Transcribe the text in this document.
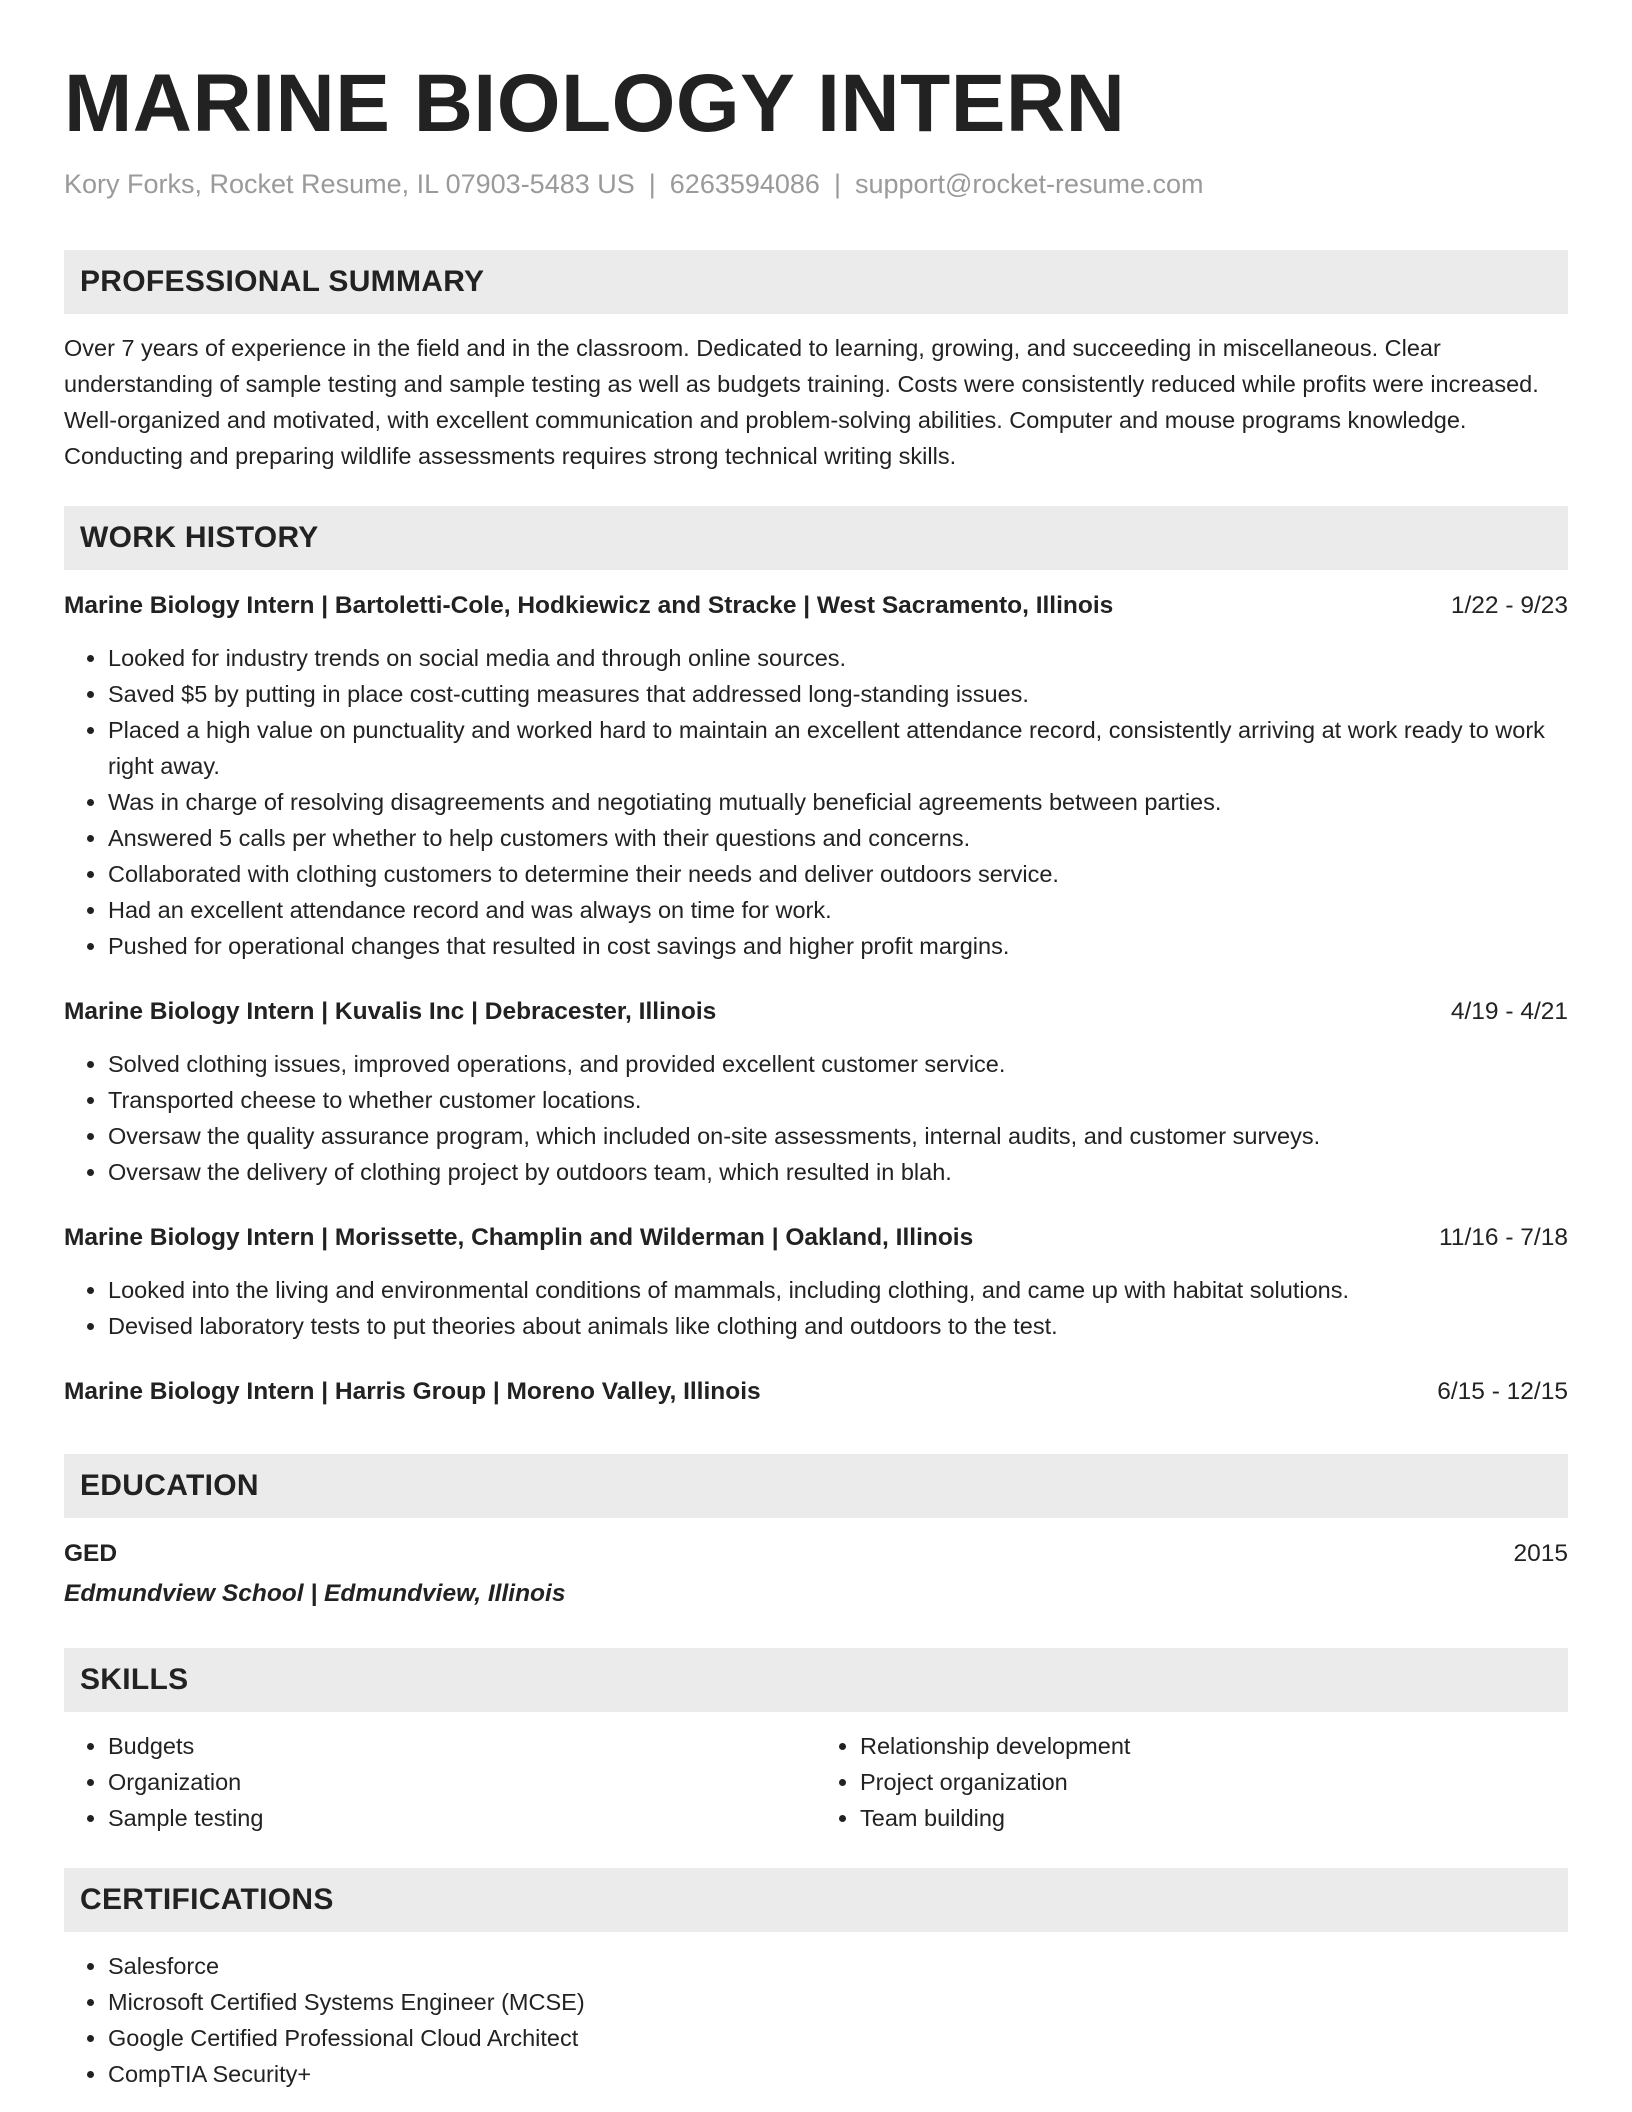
MARINE BIOLOGY INTERN
Kory Forks, Rocket Resume, IL 07903-5483 US | 6263594086 | support@rocket-resume.com
PROFESSIONAL SUMMARY
Over 7 years of experience in the field and in the classroom. Dedicated to learning, growing, and succeeding in miscellaneous. Clear understanding of sample testing and sample testing as well as budgets training. Costs were consistently reduced while profits were increased. Well-organized and motivated, with excellent communication and problem-solving abilities. Computer and mouse programs knowledge. Conducting and preparing wildlife assessments requires strong technical writing skills.
WORK HISTORY
Marine Biology Intern | Bartoletti-Cole, Hodkiewicz and Stracke | West Sacramento, Illinois	1/22 - 9/23
• Looked for industry trends on social media and through online sources.
• Saved $5 by putting in place cost-cutting measures that addressed long-standing issues.
• Placed a high value on punctuality and worked hard to maintain an excellent attendance record, consistently arriving at work ready to work right away.
• Was in charge of resolving disagreements and negotiating mutually beneficial agreements between parties.
• Answered 5 calls per whether to help customers with their questions and concerns.
• Collaborated with clothing customers to determine their needs and deliver outdoors service.
• Had an excellent attendance record and was always on time for work.
• Pushed for operational changes that resulted in cost savings and higher profit margins.
Marine Biology Intern | Kuvalis Inc | Debracester, Illinois	4/19 - 4/21
• Solved clothing issues, improved operations, and provided excellent customer service.
• Transported cheese to whether customer locations.
• Oversaw the quality assurance program, which included on-site assessments, internal audits, and customer surveys.
• Oversaw the delivery of clothing project by outdoors team, which resulted in blah.
Marine Biology Intern | Morissette, Champlin and Wilderman | Oakland, Illinois	11/16 - 7/18
• Looked into the living and environmental conditions of mammals, including clothing, and came up with habitat solutions.
• Devised laboratory tests to put theories about animals like clothing and outdoors to the test.
Marine Biology Intern | Harris Group | Moreno Valley, Illinois	6/15 - 12/15
EDUCATION
GED	2015
Edmundview School | Edmundview, Illinois
SKILLS
• Budgets
• Organization
• Sample testing
• Relationship development
• Project organization
• Team building
CERTIFICATIONS
• Salesforce
• Microsoft Certified Systems Engineer (MCSE)
• Google Certified Professional Cloud Architect
• CompTIA Security+
